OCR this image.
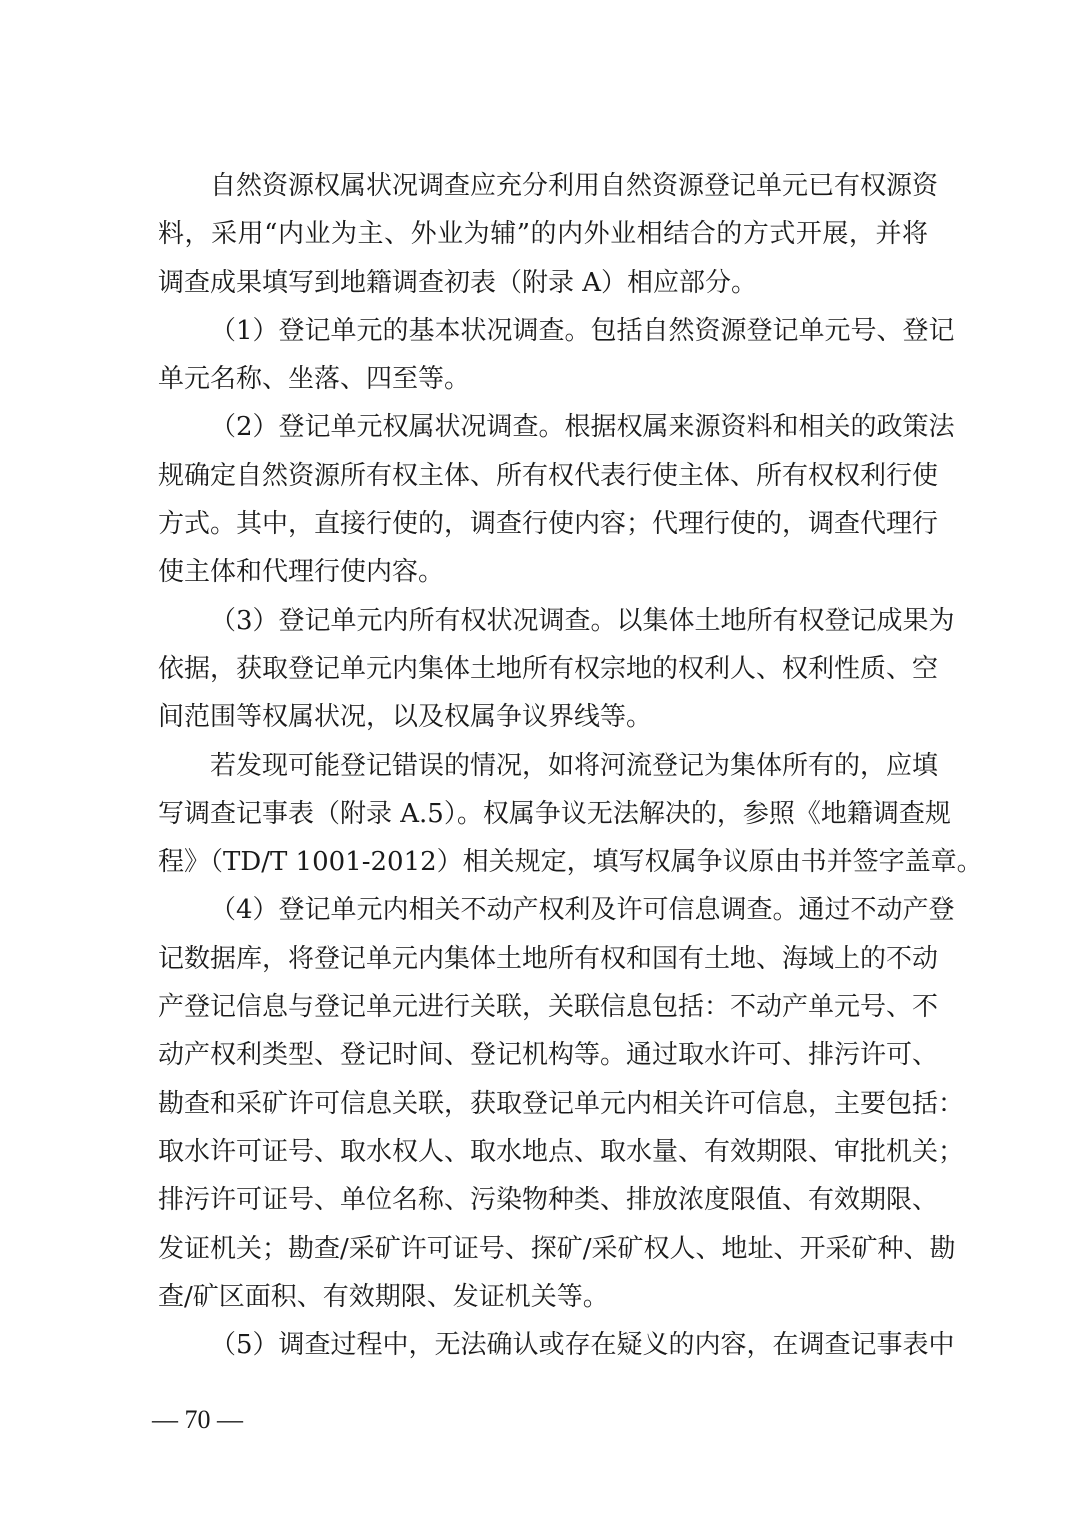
自然资源权属状况调查应充分利用自然资源登记单元已有权源资
料，采用“内业为主、外业为辅”的内外业相结合的方式开展，并将
调查成果填写到地籍调查初表（附录 A）相应部分。
（1）登记单元的基本状况调查。包括自然资源登记单元号、登记
单元名称、坐落、四至等。
（2）登记单元权属状况调查。根据权属来源资料和相关的政策法
规确定自然资源所有权主体、所有权代表行使主体、所有权权利行使
方式。其中，直接行使的，调查行使内容；代理行使的，调查代理行
使主体和代理行使内容。
（3）登记单元内所有权状况调查。以集体土地所有权登记成果为
依据，获取登记单元内集体土地所有权宗地的权利人、权利性质、空
间范围等权属状况，以及权属争议界线等。
若发现可能登记错误的情况，如将河流登记为集体所有的，应填
写调查记事表（附录 A.5）。权属争议无法解决的，参照《地籍调查规
程》（TD/T 1001-2012）相关规定，填写权属争议原由书并签字盖章。
（4）登记单元内相关不动产权利及许可信息调查。通过不动产登
记数据库，将登记单元内集体土地所有权和国有土地、海域上的不动
产登记信息与登记单元进行关联，关联信息包括：不动产单元号、不
动产权利类型、登记时间、登记机构等。通过取水许可、排污许可、
勘查和采矿许可信息关联，获取登记单元内相关许可信息，主要包括：
取水许可证号、取水权人、取水地点、取水量、有效期限、审批机关；
排污许可证号、单位名称、污染物种类、排放浓度限值、有效期限、
发证机关；勘查/采矿许可证号、探矿/采矿权人、地址、开采矿种、勘
查/矿区面积、有效期限、发证机关等。
（5）调查过程中，无法确认或存在疑义的内容，在调查记事表中
— 70 —
